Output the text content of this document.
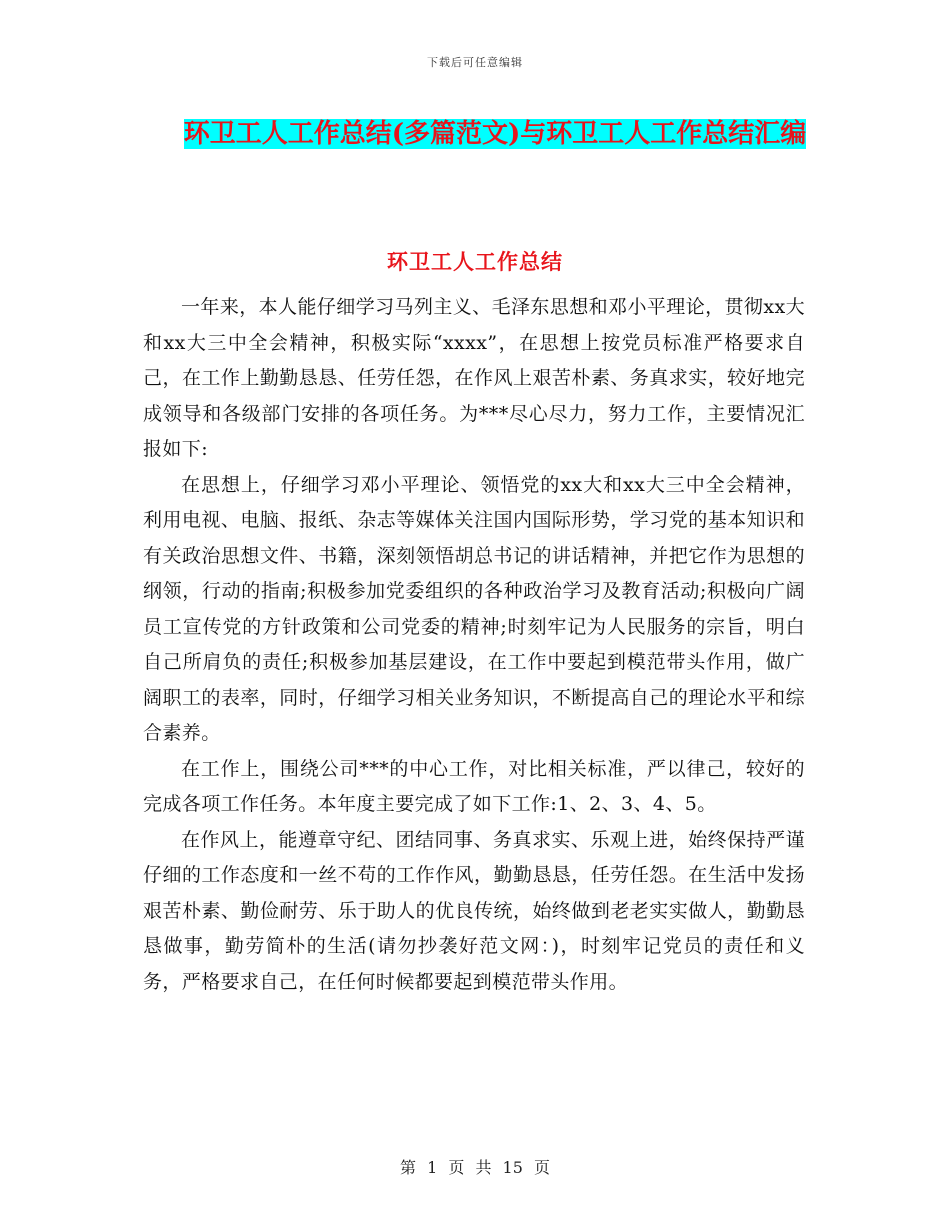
下载后可任意编辑
环卫工人工作总结(多篇范文)与环卫工人工作总结汇编
环卫工人工作总结

一年来，本人能仔细学习马列主义、毛泽东思想和邓小平理论，贯彻xx大和xx大三中全会精神，积极实际“xxxx”，在思想上按党员标准严格要求自己，在工作上勤勤恳恳、任劳任怨，在作风上艰苦朴素、务真求实，较好地完成领导和各级部门安排的各项任务。为***尽心尽力，努力工作，主要情况汇报如下:

在思想上，仔细学习邓小平理论、领悟党的xx大和xx大三中全会精神，利用电视、电脑、报纸、杂志等媒体关注国内国际形势，学习党的基本知识和有关政治思想文件、书籍，深刻领悟胡总书记的讲话精神，并把它作为思想的纲领，行动的指南;积极参加党委组织的各种政治学习及教育活动;积极向广阔员工宣传党的方针政策和公司党委的精神;时刻牢记为人民服务的宗旨，明白自己所肩负的责任;积极参加基层建设，在工作中要起到模范带头作用，做广阔职工的表率，同时，仔细学习相关业务知识，不断提高自己的理论水平和综合素养。

在工作上，围绕公司***的中心工作，对比相关标准，严以律己，较好的完成各项工作任务。本年度主要完成了如下工作:1、2、3、4、5。

在作风上，能遵章守纪、团结同事、务真求实、乐观上进，始终保持严谨仔细的工作态度和一丝不苟的工作作风，勤勤恳恳，任劳任怨。在生活中发扬艰苦朴素、勤俭耐劳、乐于助人的优良传统，始终做到老老实实做人，勤勤恳恳做事，勤劳简朴的生活(请勿抄袭好范文网：)，时刻牢记党员的责任和义务，严格要求自己，在任何时候都要起到模范带头作用。

第 1 页 共 15 页
